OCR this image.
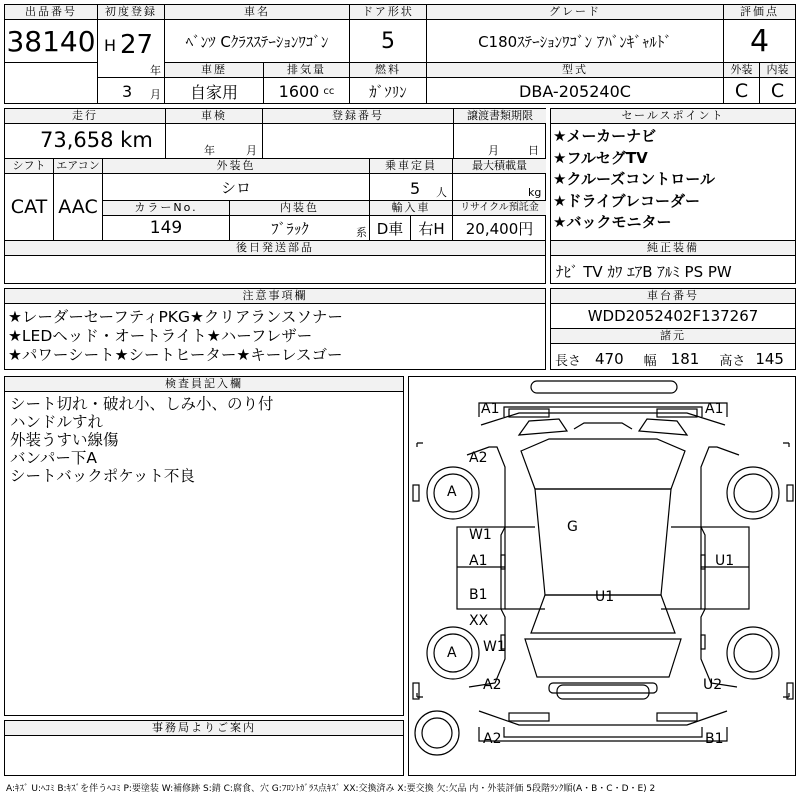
出品番号
38140
初度登録
H 27
年
3 月
車名
ﾍﾞﾝﾂ Cｸﾗｽｽﾃｰｼｮﾝﾜｺﾞﾝ
ドア形状
5
グレード
C180ｽﾃｰｼｮﾝﾜｺﾞﾝ ｱﾊﾞﾝｷﾞｬﾙﾄﾞ
評価点
4
車歴	排気量	燃料	型式	外装	内装
自家用	1600 cc	ｶﾞｿﾘﾝ	DBA-205240C	C	C
走行
73,658 km
車検
年	月
登録番号	譲渡書類期限
月	日
シフト
CAT
エアコン
AAC
外装色
シロ
乗車定員
5 人
最大積載量
kg
カラーNo.
149
内装色
ﾌﾞﾗｯｸ	系
輸入車
D車	右H
リサイクル預託金
20,400円
後日発送部品
セールスポイント
★メーカーナビ
★フルセグTV
★クルーズコントロール
★ドライブレコーダー
★バックモニター
純正装備
ﾅﾋﾞ TV ｶﾜ ｴｱB ｱﾙﾐ PS PW
注意事項欄
★レーダーセーフティPKG★クリアランスソナー
★LEDヘッド・オートライト★ハーフレザー
★パワーシート★シートヒーター★キーレスゴー
車台番号
WDD2052402F137267
諸元
長さ 470 幅 181 高さ 145
検査員記入欄
シート切れ・破れ小、しみ小、のり付
ハンドルすれ
外装うすい線傷
バンパー下A
シートバックポケット不良
事務局よりご案内
A1	A1
A2
A
G
W1
A1	U1
B1	U1
XX
A W1
A2	U2
A2	B1
A:ｷｽﾞ U:ﾍｺﾐ B:ｷｽﾞを伴うﾍｺﾐ P:要塗装 W:補修跡 S:錆 C:腐食、穴 G:ﾌﾛﾝﾄｶﾞﾗｽ点ｷｽﾞ XX:交換済み X:要交換 欠:欠品 内・外装評価 5段階ﾗﾝｸ順(A・B・C・D・E) 2
